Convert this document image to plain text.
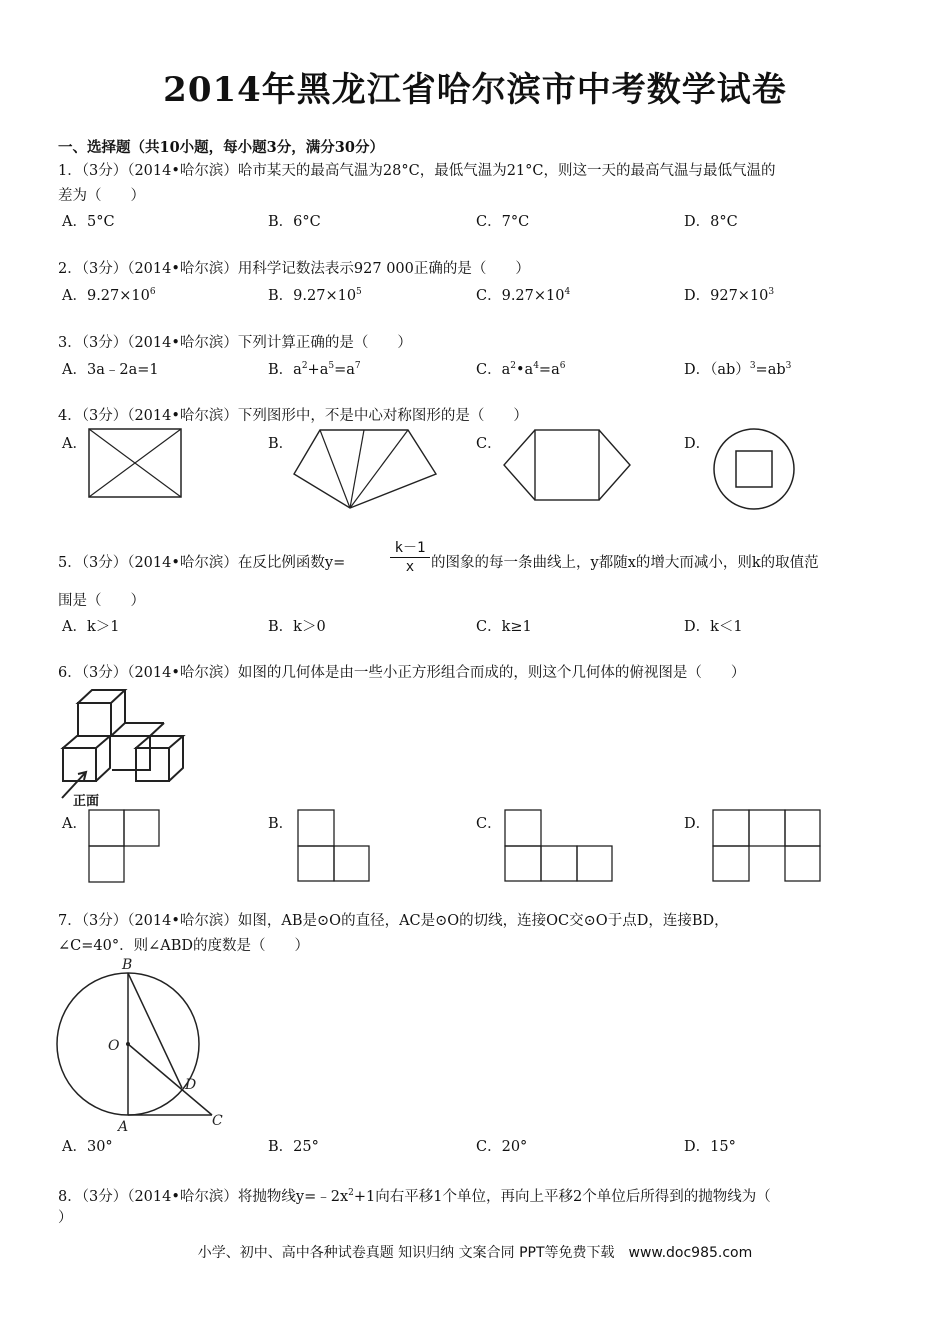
2014年黑龙江省哈尔滨市中考数学试卷
一、选择题（共10小题，每小题3分，满分30分）
1．（3分）（2014•哈尔滨）哈市某天的最高气温为28°C，最低气温为21°C，则这一天的最高气温与最低气温的
差为（　　）
A．5°C	B．6°C	C．7°C	D．8°C
2．（3分）（2014•哈尔滨）用科学记数法表示927 000正确的是（　　）
A．$9.27\times 10^6$	B．$9.27\times 10^5$	C．$9.27\times 10^4$	D．$927\times 10^3$
3．（3分）（2014•哈尔滨）下列计算正确的是（　　）
A．3a﹣2a=1	B．$a^2+a^5=a^7$	C．$a^2•a^4=a^6$	D．$(ab)^3=ab^3$
4．（3分）（2014•哈尔滨）下列图形中，不是中心对称图形的是（　　）
A．	B．	C．	D．
5．（3分）（2014•哈尔滨）在反比例函数y=
k－1
x	的图象的每一条曲线上，y都随x的增大而减小，则k的取值范
围是（　　）
A．k＞1	B．k＞0	C．k≥1	D．k＜1
6．（3分）（2014•哈尔滨）如图的几何体是由一些小正方形组合而成的，则这个几何体的俯视图是（　　）
正面
A．	B．	C．	D．
7．（3分）（2014•哈尔滨）如图，AB是⊙O的直径，AC是⊙O的切线，连接OC交⊙O于点D，连接BD，
∠C=40°．则∠ABD的度数是（　　）
B
O
D
A	C
A．30°	B．25°	C．20°	D．15°
8．（3分）（2014•哈尔滨）将抛物线$y=﹣2x^2+1$向右平移1个单位，再向上平移2个单位后所得到的抛物线为（
）
小学、初中、高中各种试卷真题 知识归纳 文案合同 PPT等免费下载　www.doc985.com
